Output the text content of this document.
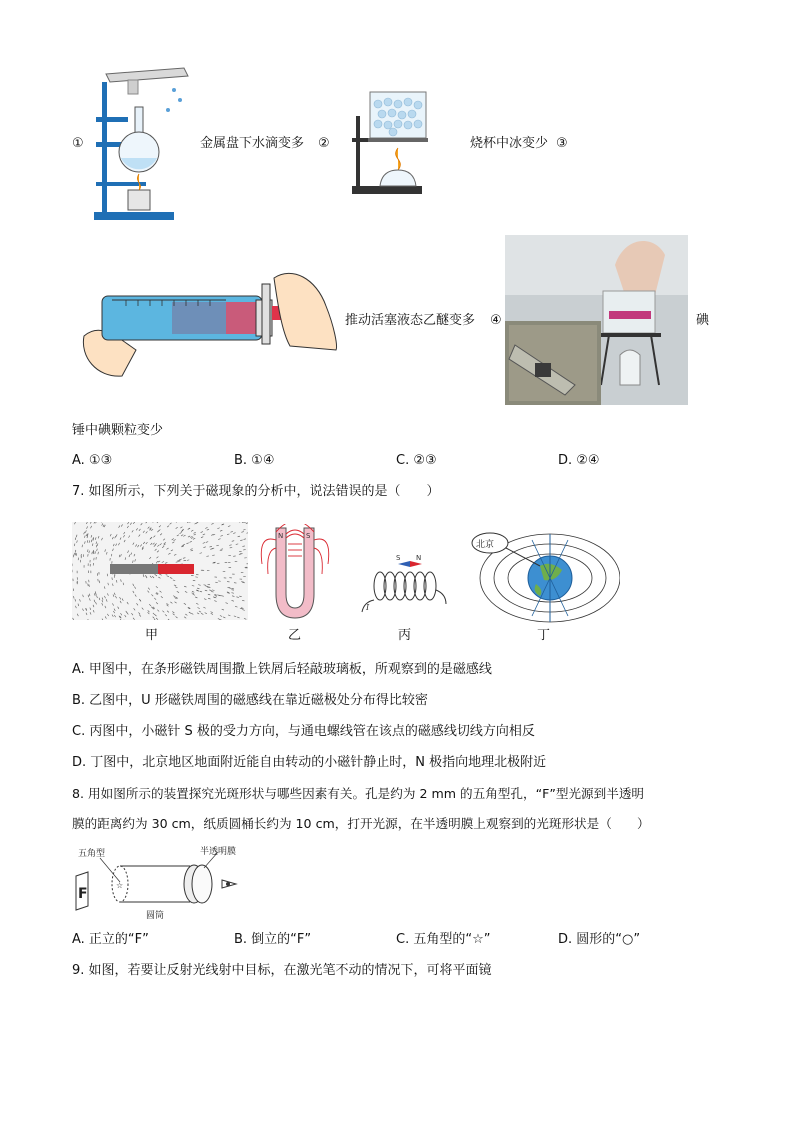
①	金属盘下水滴变多 ②	烧杯中冰变少 ③
推动活塞液态乙醚变多 ④	碘
锤中碘颗粒变少
A. ①③	B. ①④	C. ②③	D. ②④
7. 如图所示，下列关于磁现象的分析中，说法错误的是（　　）
甲
N	S
乙
S N
I
丙
北京
丁
A. 甲图中，在条形磁铁周围撒上铁屑后轻敲玻璃板，所观察到的是磁感线
B. 乙图中，U 形磁铁周围的磁感线在靠近磁极处分布得比较密
C. 丙图中，小磁针 S 极的受力方向，与通电螺线管在该点的磁感线切线方向相反
D. 丁图中，北京地区地面附近能自由转动的小磁针静止时，N 极指向地理北极附近
8. 用如图所示的装置探究光斑形状与哪些因素有关。孔是约为 2 mm 的五角型孔，“F”型光源到半透明
膜的距离约为 30 cm，纸质圆桶长约为 10 cm，打开光源，在半透明膜上观察到的光斑形状是（　　）
五角型	半透明膜
F
☆
圆筒
A. 正立的“F”	B. 倒立的“F”	C. 五角型的“☆”	D. 圆形的“○”
9. 如图，若要让反射光线射中目标，在激光笔不动的情况下，可将平面镜
